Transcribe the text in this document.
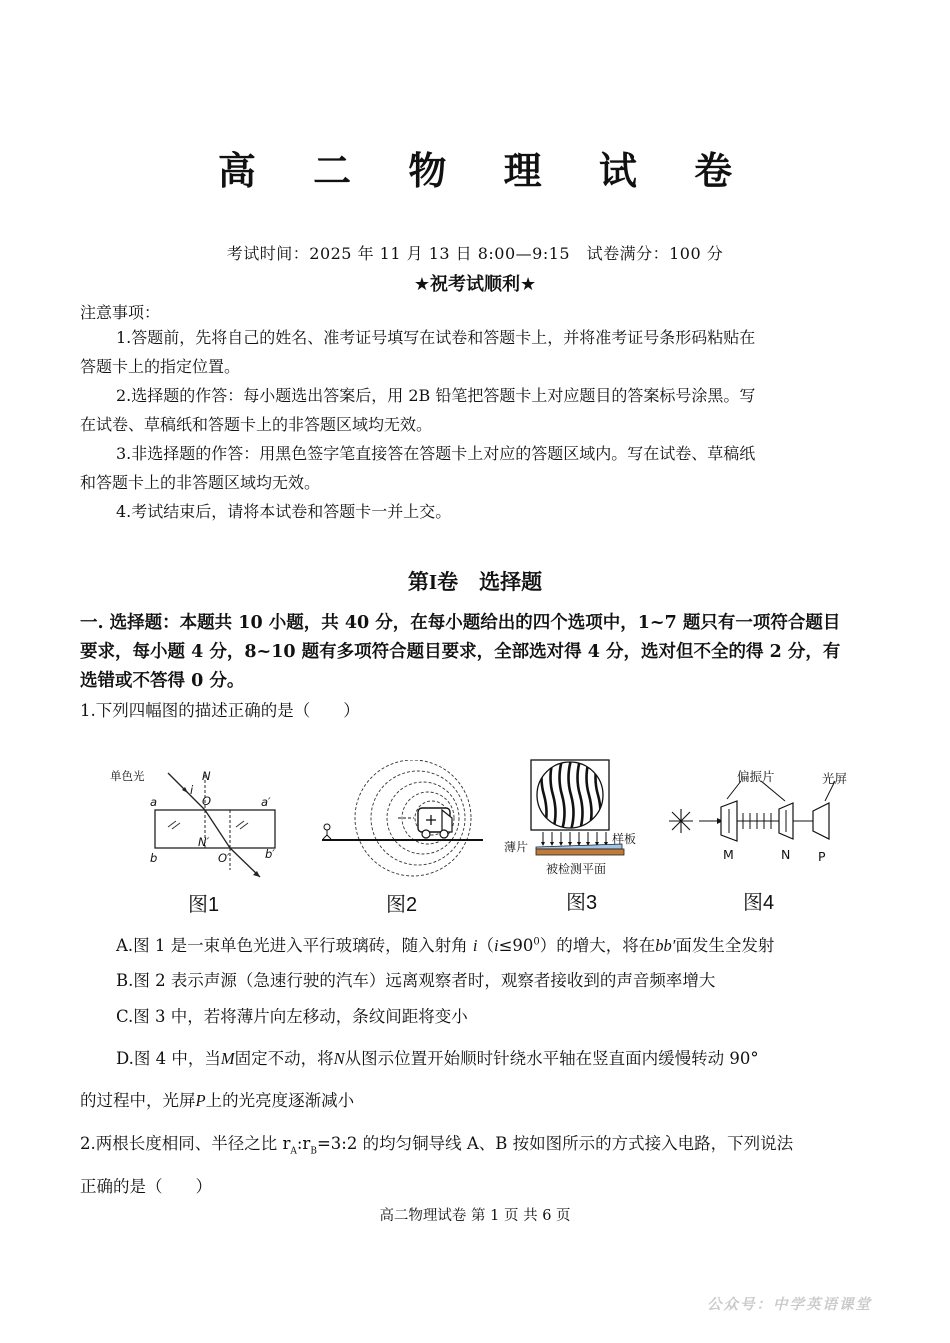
高 二 物 理 试 卷
考试时间：2025 年 11 月 13 日 8:00—9:15　试卷满分：100 分
★祝考试顺利★
注意事项：
1.答题前，先将自己的姓名、准考证号填写在试卷和答题卡上，并将准考证号条形码粘贴在
答题卡上的指定位置。
2.选择题的作答：每小题选出答案后，用 2B 铅笔把答题卡上对应题目的答案标号涂黑。写
在试卷、草稿纸和答题卡上的非答题区域均无效。
3.非选择题的作答：用黑色签字笔直接答在答题卡上对应的答题区域内。写在试卷、草稿纸
和答题卡上的非答题区域均无效。
4.考试结束后，请将本试卷和答题卡一并上交。
第I卷　选择题
一. 选择题：本题共 10 小题，共 40 分，在每小题给出的四个选项中，1~7 题只有一项符合题目
要求，每小题 4 分，8~10 题有多项符合题目要求，全部选对得 4 分，选对但不全的得 2 分，有
选错或不答得 0 分。
1.下列四幅图的描述正确的是（　　）
单色光	N
i
O
a	a′
b
N′
O′	b′
图1	图2
薄片
样板
被检测平面
图3
偏振片	光屏
M	N P
图4
A.图 1 是一束单色光进入平行玻璃砖，随入射角 $i(i\le 90^0)$的增大，将在bb′面发生全发射
B.图 2 表示声源（急速行驶的汽车）远离观察者时，观察者接收到的声音频率增大
C.图 3 中，若将薄片向左移动，条纹间距将变小
D.图 4 中，当M固定不动，将N从图示位置开始顺时针绕水平轴在竖直面内缓慢转动 90°
的过程中，光屏P上的光亮度逐渐减小
2.两根长度相同、半径之比 $r_A:r_B=3:2$ 的均匀铜导线 A、B 按如图所示的方式接入电路，下列说法
正确的是（　　）
高二物理试卷 第 1 页 共 6 页
公众号：中学英语课堂
